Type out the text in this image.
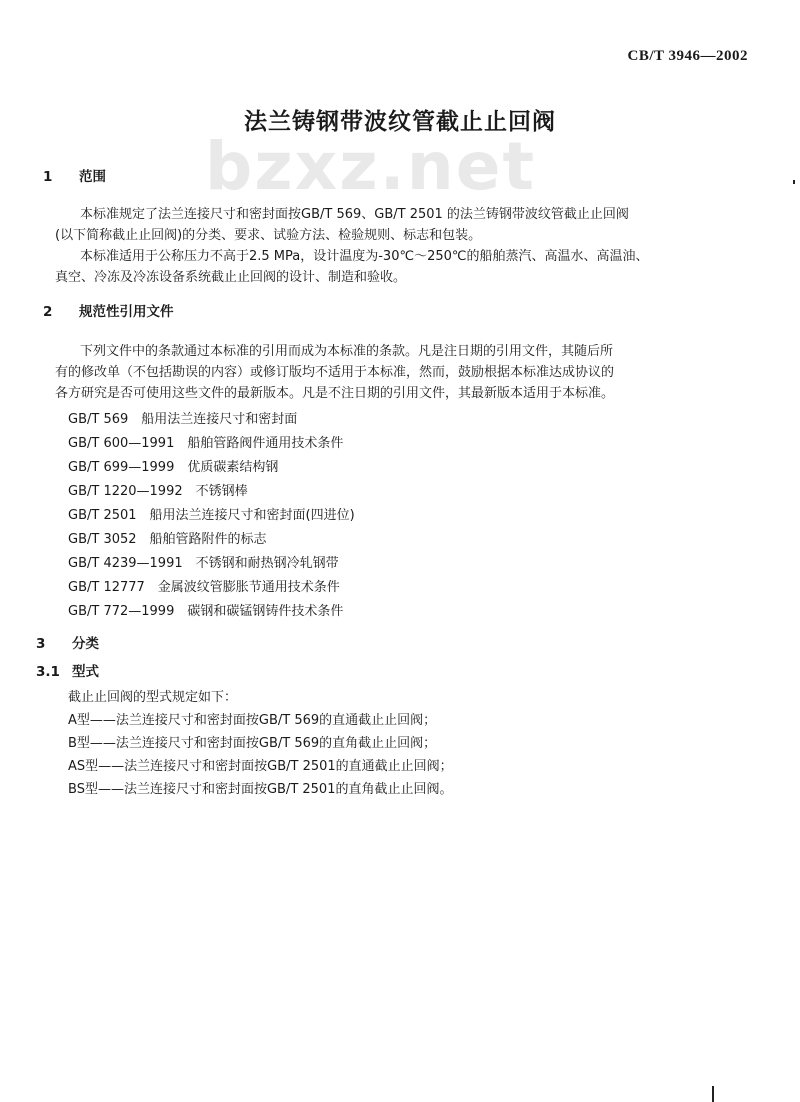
CB/T 3946—2002
bzxz.net
法兰铸钢带波纹管截止止回阀
1 范围
本标准规定了法兰连接尺寸和密封面按GB/T 569、GB/T 2501 的法兰铸钢带波纹管截止止回阀
(以下简称截止止回阀)的分类、要求、试验方法、检验规则、标志和包装。
本标准适用于公称压力不高于2.5 MPa，设计温度为-30℃～250℃的船舶蒸汽、高温水、高温油、
真空、冷冻及冷冻设备系统截止止回阀的设计、制造和验收。
2 规范性引用文件
下列文件中的条款通过本标准的引用而成为本标准的条款。凡是注日期的引用文件，其随后所
有的修改单（不包括勘误的内容）或修订版均不适用于本标准，然而，鼓励根据本标准达成协议的
各方研究是否可使用这些文件的最新版本。凡是不注日期的引用文件，其最新版本适用于本标准。
GB/T 569　船用法兰连接尺寸和密封面
GB/T 600—1991　船舶管路阀件通用技术条件
GB/T 699—1999　优质碳素结构钢
GB/T 1220—1992　不锈钢棒
GB/T 2501　船用法兰连接尺寸和密封面(四进位)
GB/T 3052　船舶管路附件的标志
GB/T 4239—1991　不锈钢和耐热钢冷轧钢带
GB/T 12777　金属波纹管膨胀节通用技术条件
GB/T 772—1999　碳钢和碳锰钢铸件技术条件
3 分类
3.1 型式
截止止回阀的型式规定如下：
A型——法兰连接尺寸和密封面按GB/T 569的直通截止止回阀；
B型——法兰连接尺寸和密封面按GB/T 569的直角截止止回阀；
AS型——法兰连接尺寸和密封面按GB/T 2501的直通截止止回阀；
BS型——法兰连接尺寸和密封面按GB/T 2501的直角截止止回阀。
